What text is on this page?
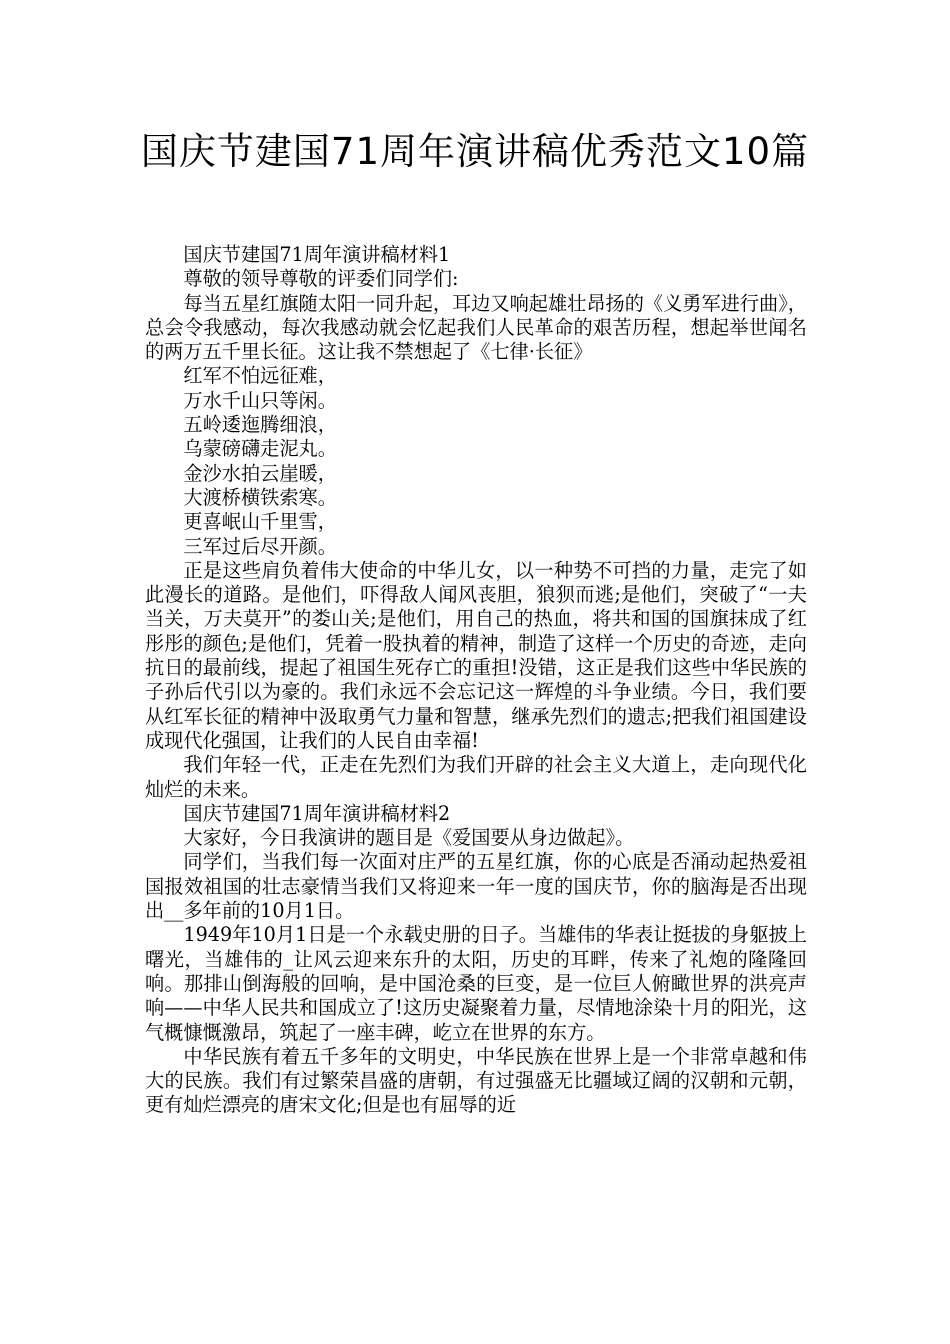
国庆节建国71周年演讲稿优秀范文10篇

国庆节建国71周年演讲稿材料1

尊敬的领导尊敬的评委们同学们:

每当五星红旗随太阳一同升起，耳边又响起雄壮昂扬的《义勇军进行曲》，总会令我感动，每次我感动就会忆起我们人民革命的艰苦历程，想起举世闻名的两万五千里长征。这让我不禁想起了《七律·长征》

红军不怕远征难，

万水千山只等闲。

五岭逶迤腾细浪，

乌蒙磅礴走泥丸。

金沙水拍云崖暖，

大渡桥横铁索寒。

更喜岷山千里雪，

三军过后尽开颜。

正是这些肩负着伟大使命的中华儿女，以一种势不可挡的力量，走完了如此漫长的道路。是他们，吓得敌人闻风丧胆，狼狈而逃;是他们，突破了“一夫当关，万夫莫开”的娄山关;是他们，用自己的热血，将共和国的国旗抹成了红彤彤的颜色;是他们，凭着一股执着的精神，制造了这样一个历史的奇迹，走向抗日的最前线，提起了祖国生死存亡的重担!没错，这正是我们这些中华民族的子孙后代引以为豪的。我们永远不会忘记这一辉煌的斗争业绩。今日，我们要从红军长征的精神中汲取勇气力量和智慧，继承先烈们的遗志;把我们祖国建设成现代化强国，让我们的人民自由幸福!

我们年轻一代，正走在先烈们为我们开辟的社会主义大道上，走向现代化灿烂的未来。

国庆节建国71周年演讲稿材料2

大家好，今日我演讲的题目是《爱国要从身边做起》。

同学们，当我们每一次面对庄严的五星红旗，你的心底是否涌动起热爱祖国报效祖国的壮志豪情当我们又将迎来一年一度的国庆节，你的脑海是否出现出__多年前的10月1日。

1949年10月1日是一个永载史册的日子。当雄伟的华表让挺拔的身躯披上曙光，当雄伟的_让风云迎来东升的太阳，历史的耳畔，传来了礼炮的隆隆回响。那排山倒海般的回响，是中国沧桑的巨变，是一位巨人俯瞰世界的洪亮声响——中华人民共和国成立了!这历史凝聚着力量，尽情地涂染十月的阳光，这气概慷慨激昂，筑起了一座丰碑，屹立在世界的东方。

中华民族有着五千多年的文明史，中华民族在世界上是一个非常卓越和伟大的民族。我们有过繁荣昌盛的唐朝，有过强盛无比疆域辽阔的汉朝和元朝，更有灿烂漂亮的唐宋文化;但是也有屈辱的近
